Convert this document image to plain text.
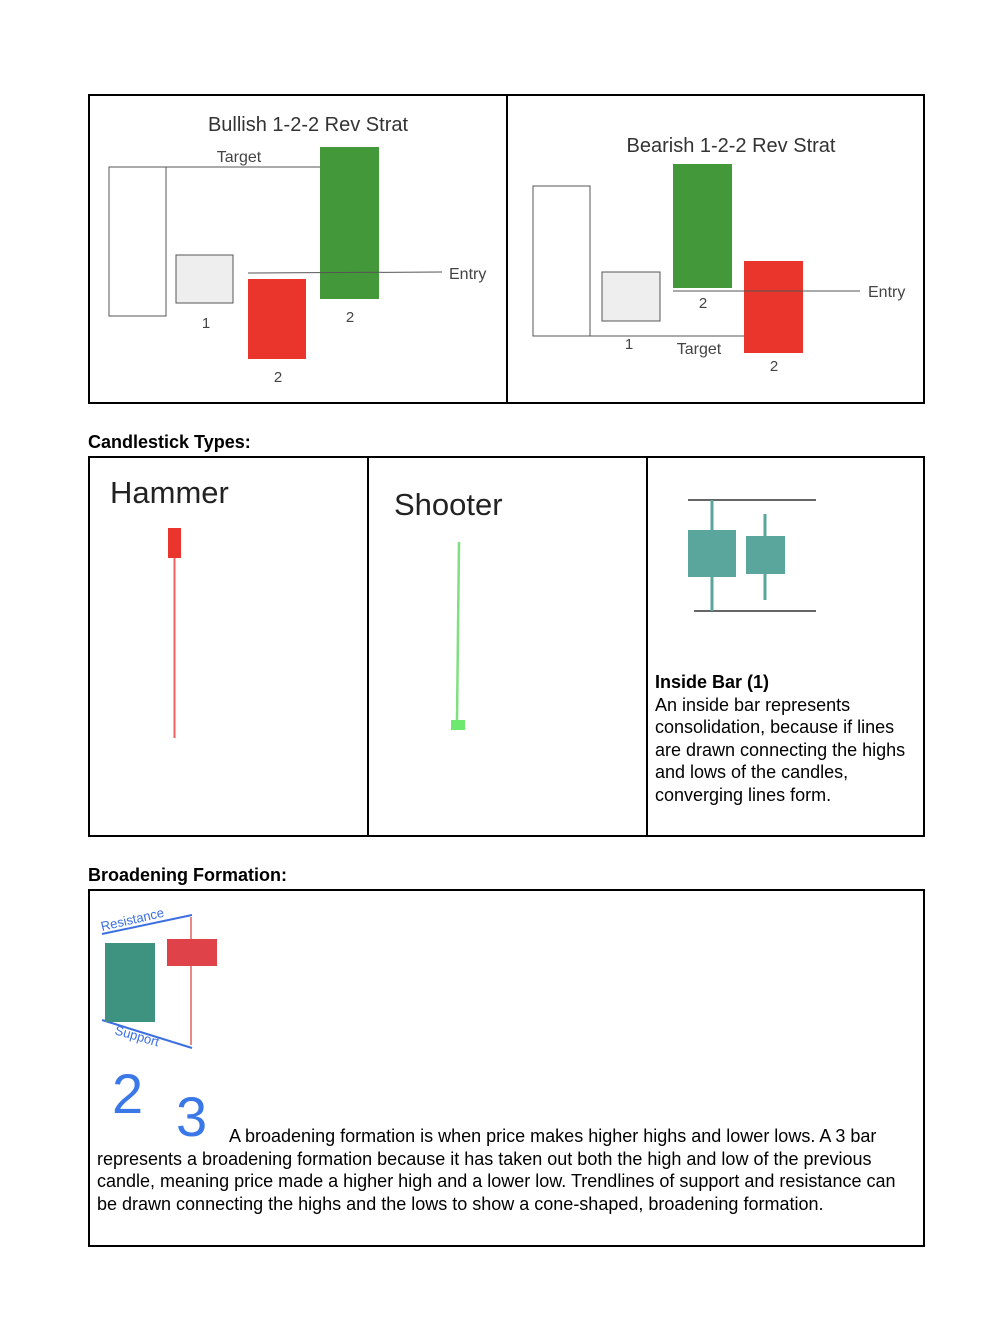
Bullish 1-2-2 Rev Strat
Target
1
2
2
Entry
Bearish 1-2-2 Rev Strat
1	Target
2
2
Entry
Candlestick Types:
Hammer	Shooter
Inside Bar (1)
An inside bar represents consolidation, because if lines are drawn connecting the highs and lows of the candles, converging lines form.
Broadening Formation:
Resistance
Support
2 3	A broadening formation is when price makes higher highs and lower lows. A 3 bar represents a broadening formation because it has taken out both the high and low of the previous candle, meaning price made a higher high and a lower low. Trendlines of support and resistance can be drawn connecting the highs and the lows to show a cone-shaped, broadening formation.
